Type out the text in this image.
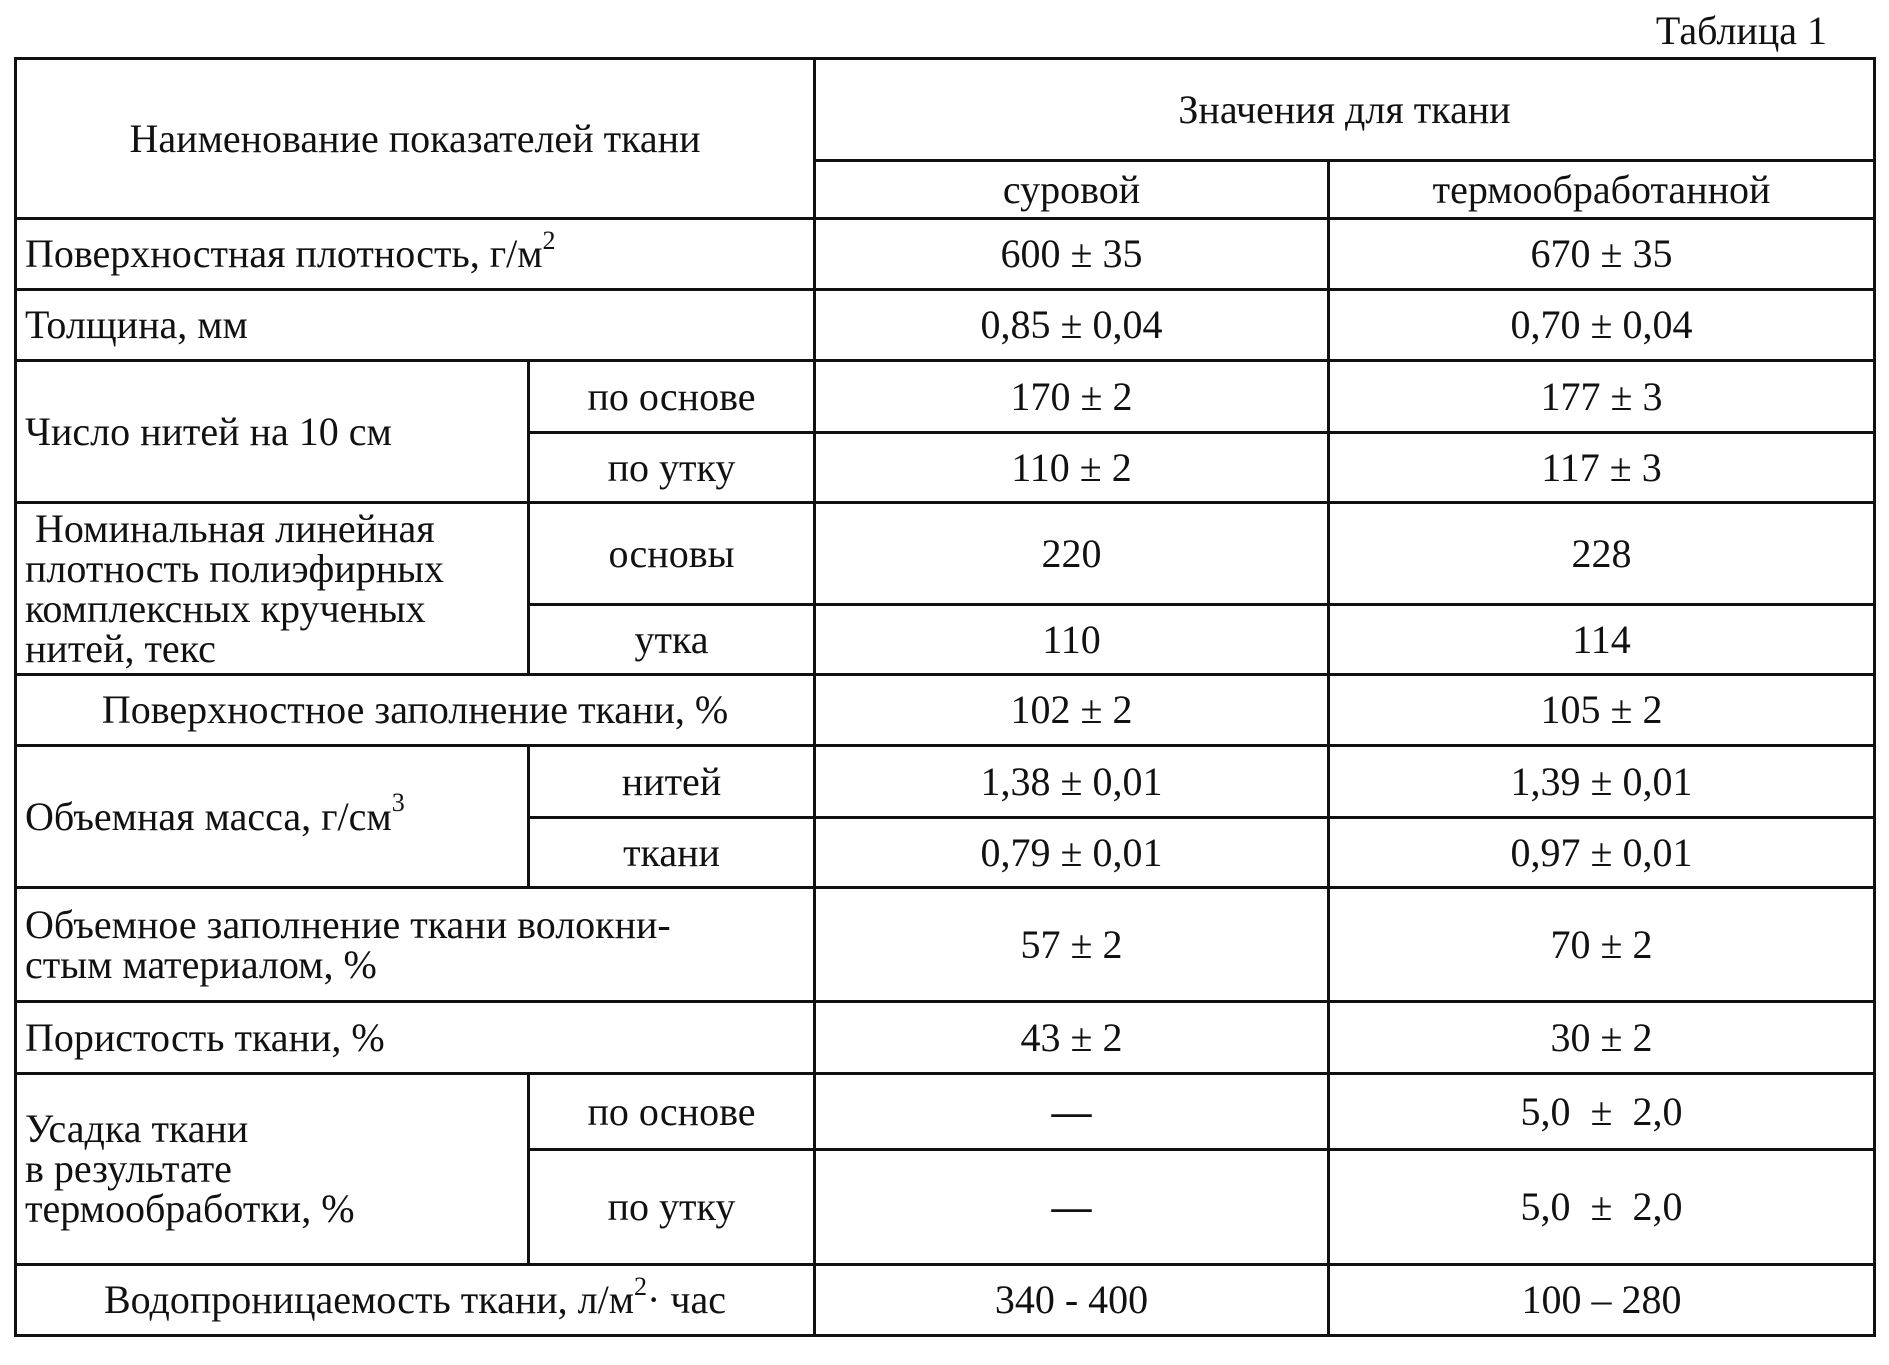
Таблица 1
Наименование показателей ткани		Значения для ткани	
		суровой	термообработанной
Поверхностная плотность, $г/м^2$		600 ± 35	670 ± 35
Толщина, мм		0,85 ± 0,04	0,70 ± 0,04
Число нитей на 10 см	по основе	170 ± 2	177 ± 3
	по утку	110 ± 2	117 ± 3

Номинальная линейная
плотность полиэфирных
комплексных крученых
нитей, текс	основы	220	228
	утка	110	114
Поверхностное заполнение ткани, %		102 ± 2	105 ± 2
Объемная масса, $г/см^3$	нитей	1,38 ± 0,01	1,39 ± 0,01
	ткани	0,79 ± 0,01	0,97 ± 0,01

Объемное заполнение ткани волокни-
стым материалом, %		57 ± 2	70 ± 2
Пористость ткани, %		43 ± 2	30 ± 2

Усадка ткани
в результате
термообработки, %	по основе	—	5,0  ±  2,0
	по утку	—	5,0  ±  2,0
Водопроницаемость ткани, $л/м^2\cdot$ час		340 - 400	100 – 280
